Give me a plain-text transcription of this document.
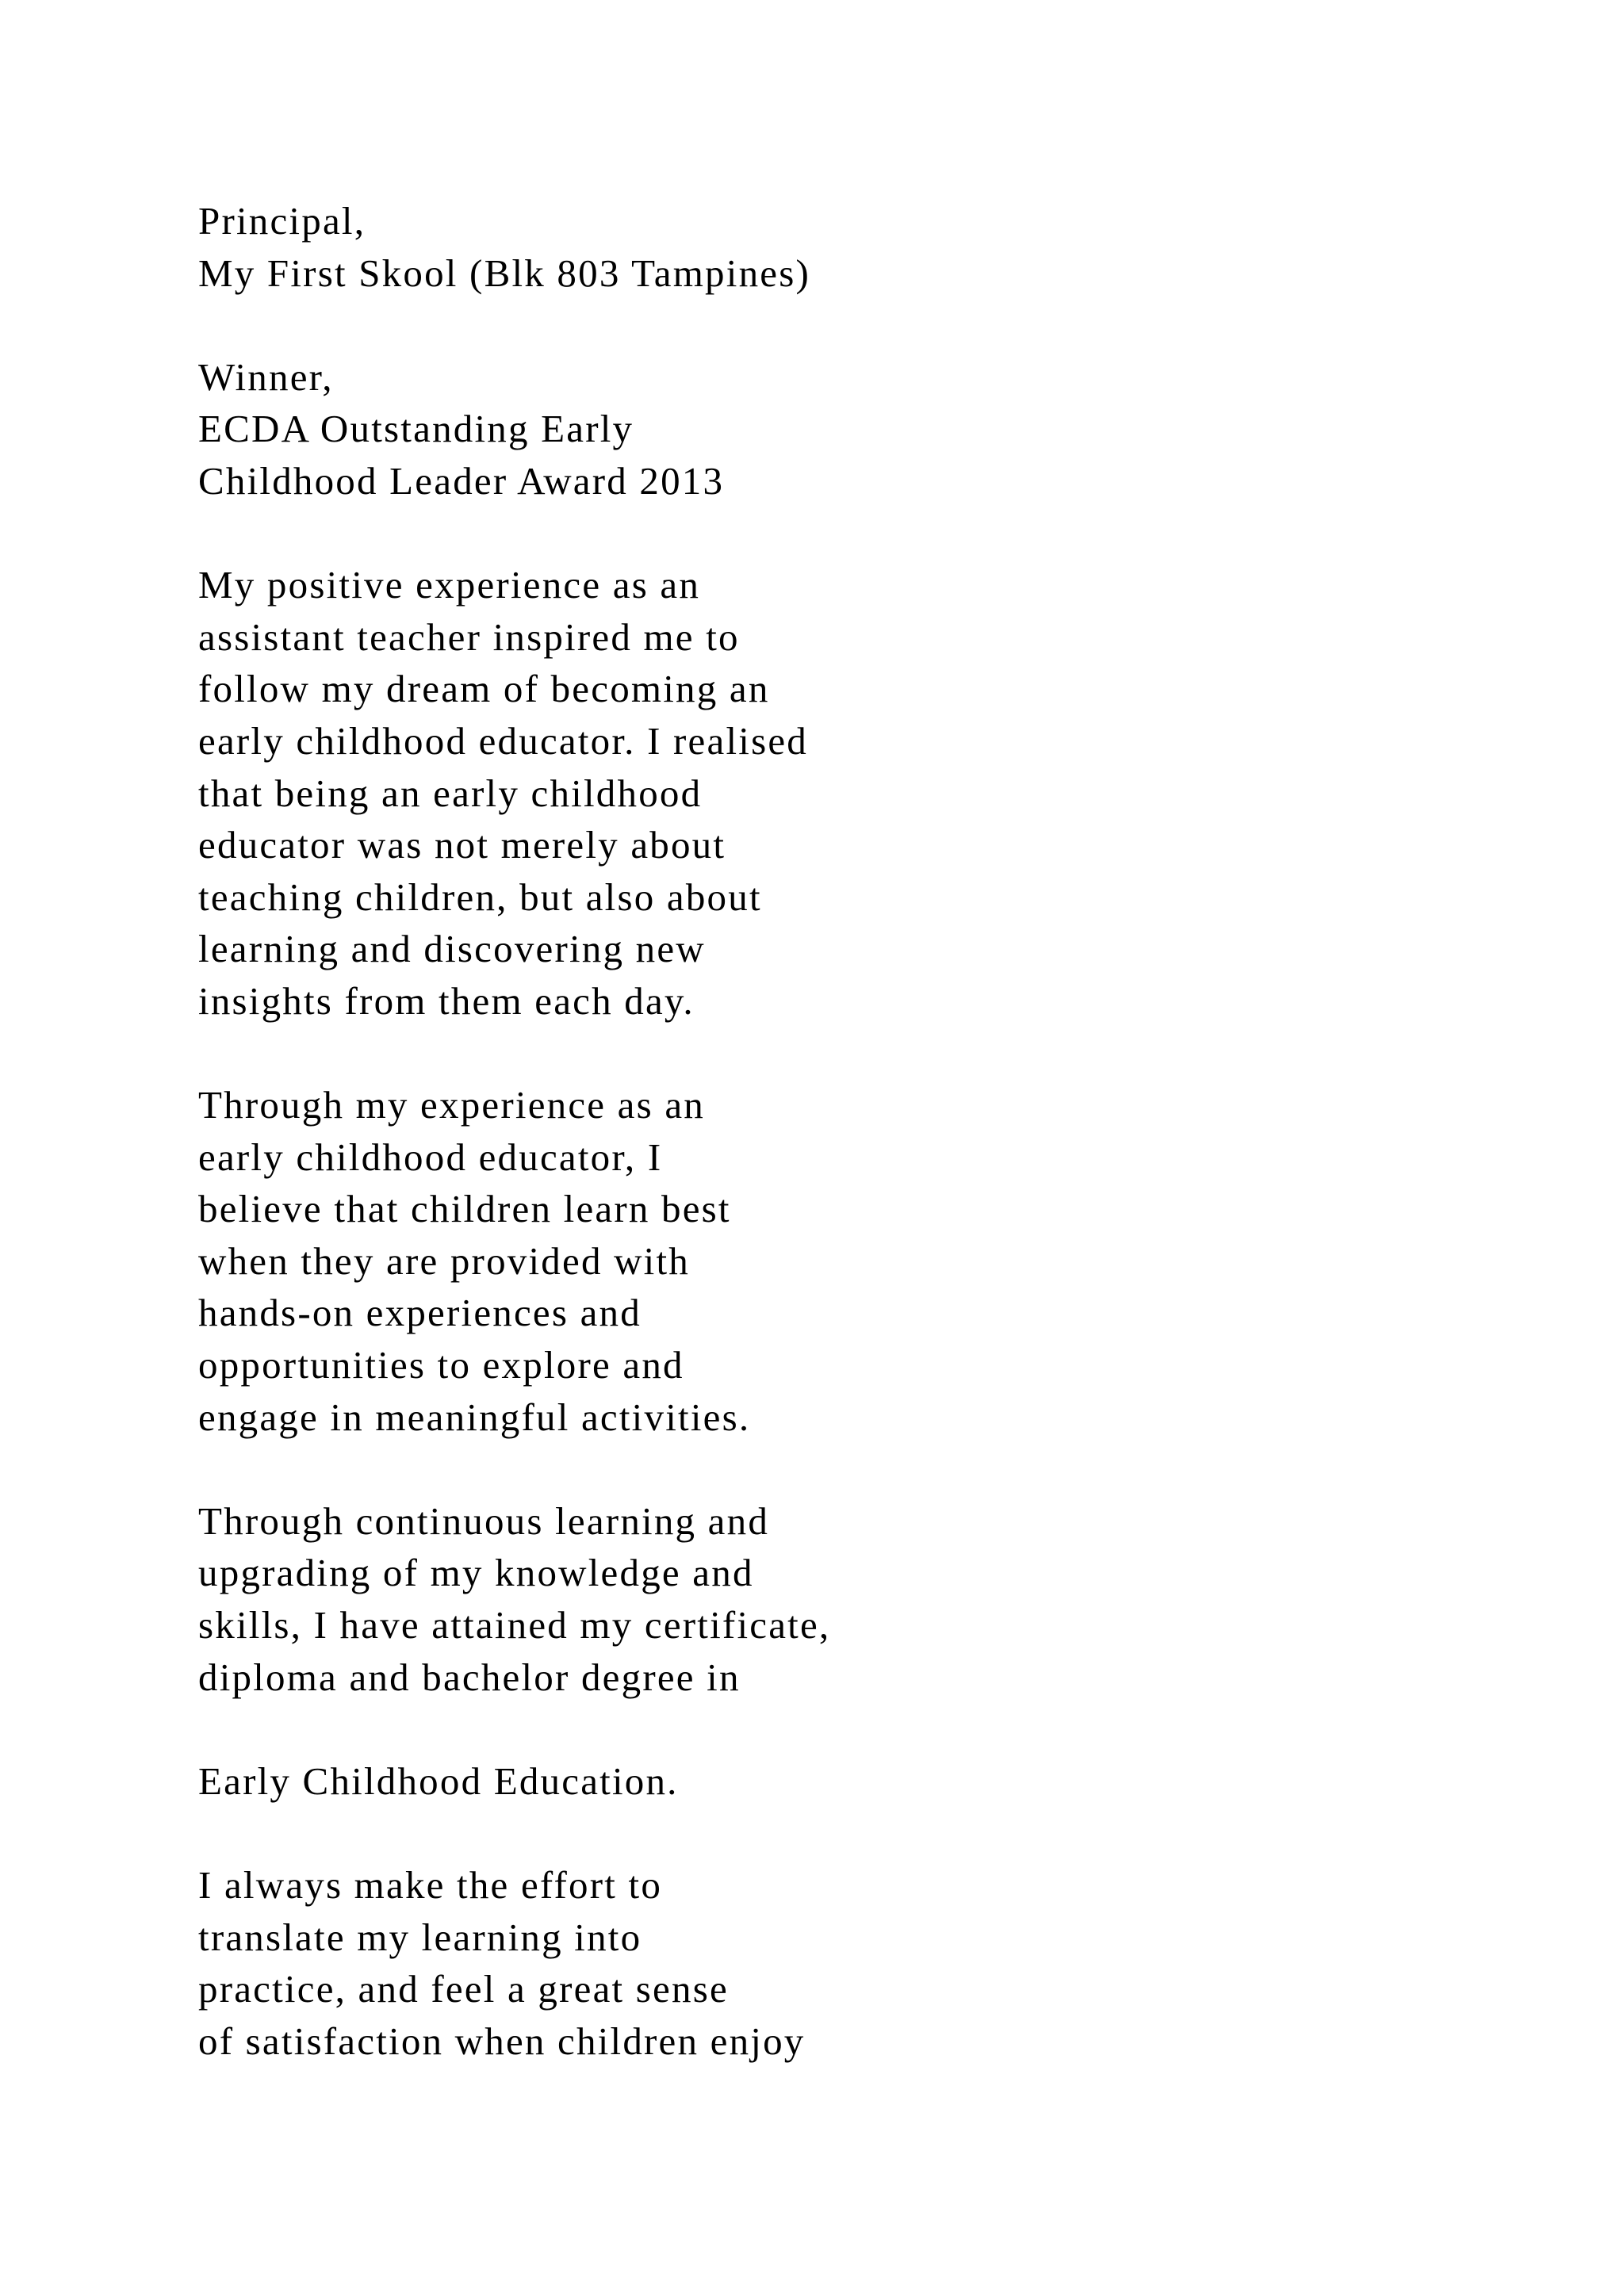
Principal,
My First Skool (Blk 803 Tampines)
Winner,
ECDA Outstanding Early
Childhood Leader Award 2013
My positive experience as an
assistant teacher inspired me to
follow my dream of becoming an
early childhood educator. I realised
that being an early childhood
educator was not merely about
teaching children, but also about
learning and discovering new
insights from them each day.
Through my experience as an
early childhood educator, I
believe that children learn best
when they are provided with
hands-on experiences and
opportunities to explore and
engage in meaningful activities.
Through continuous learning and
upgrading of my knowledge and
skills, I have attained my certificate,
diploma and bachelor degree in
Early Childhood Education.
I always make the effort to
translate my learning into
practice, and feel a great sense
of satisfaction when children enjoy
